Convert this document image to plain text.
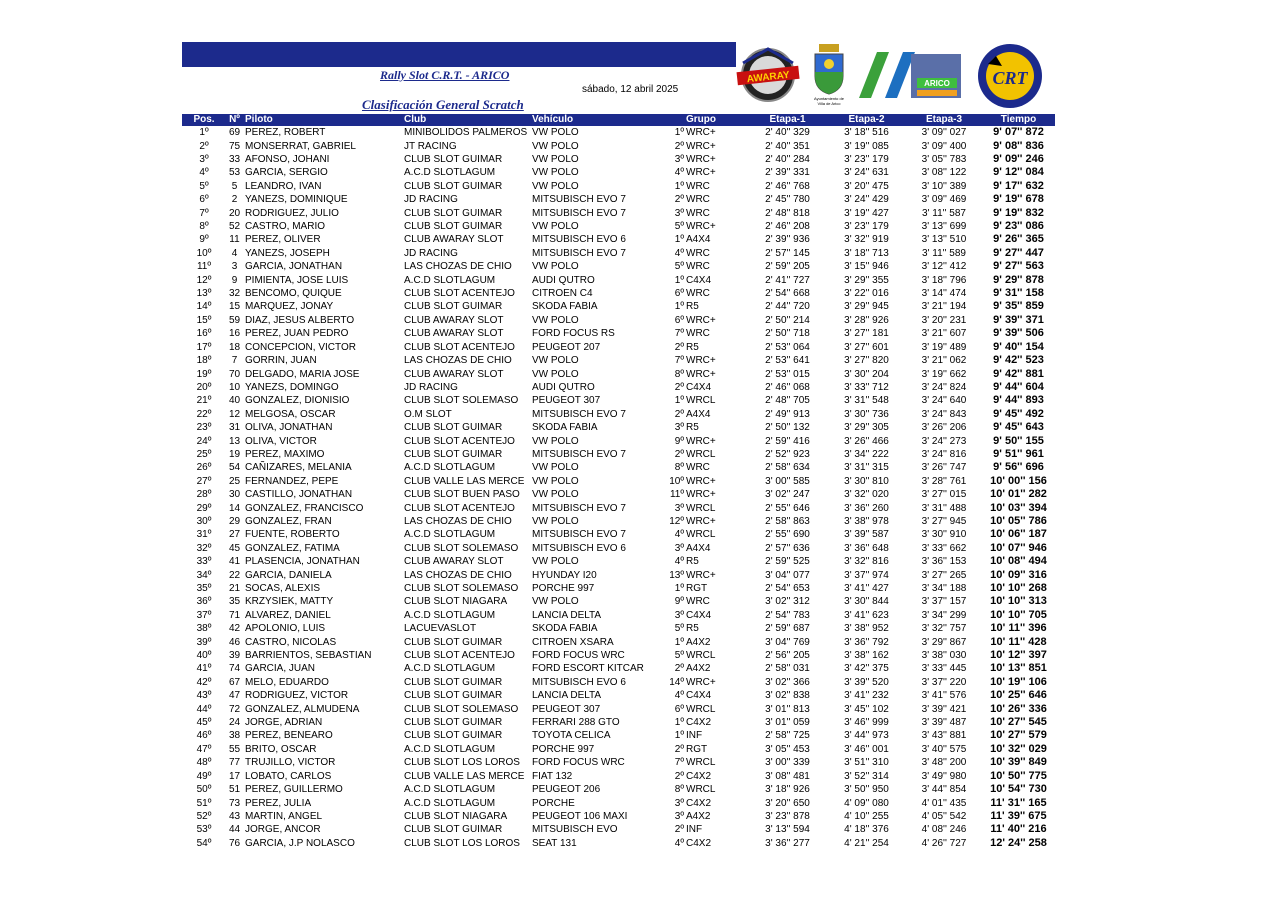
Rally Slot C.R.T. - ARICO
sábado, 12 abril 2025
Clasificación General Scratch
AWARAY
Ayuntamiento de
Villa de Arico
ARICO CRT
Pos.	Nº	Piloto	Club	Vehículo		Grupo	Etapa-1	Etapa-2	Etapa-3	Tiempo
1º	69	PEREZ, ROBERT	MINIBOLIDOS PALMEROS	VW POLO	1º	WRC+	2' 40'' 329	3' 18'' 516	3' 09'' 027	9' 07'' 872
2º	75	MONSERRAT, GABRIEL	JT RACING	VW POLO	2º	WRC+	2' 40'' 351	3' 19'' 085	3' 09'' 400	9' 08'' 836
3º	33	AFONSO, JOHANI	CLUB SLOT GUIMAR	VW POLO	3º	WRC+	2' 40'' 284	3' 23'' 179	3' 05'' 783	9' 09'' 246
4º	53	GARCIA, SERGIO	A.C.D SLOTLAGUM	VW POLO	4º	WRC+	2' 39'' 331	3' 24'' 631	3' 08'' 122	9' 12'' 084
5º	5	LEANDRO, IVAN	CLUB SLOT GUIMAR	VW POLO	1º	WRC	2' 46'' 768	3' 20'' 475	3' 10'' 389	9' 17'' 632
6º	2	YANEZS, DOMINIQUE	JD RACING	MITSUBISCH EVO 7	2º	WRC	2' 45'' 780	3' 24'' 429	3' 09'' 469	9' 19'' 678
7º	20	RODRIGUEZ, JULIO	CLUB SLOT GUIMAR	MITSUBISCH EVO 7	3º	WRC	2' 48'' 818	3' 19'' 427	3' 11'' 587	9' 19'' 832
8º	52	CASTRO, MARIO	CLUB SLOT GUIMAR	VW POLO	5º	WRC+	2' 46'' 208	3' 23'' 179	3' 13'' 699	9' 23'' 086
9º	11	PEREZ, OLIVER	CLUB AWARAY SLOT	MITSUBISCH EVO 6	1º	A4X4	2' 39'' 936	3' 32'' 919	3' 13'' 510	9' 26'' 365
10º	4	YANEZS, JOSEPH	JD RACING	MITSUBISCH EVO 7	4º	WRC	2' 57'' 145	3' 18'' 713	3' 11'' 589	9' 27'' 447
11º	3	GARCIA, JONATHAN	LAS CHOZAS DE CHIO	VW POLO	5º	WRC	2' 59'' 205	3' 15'' 946	3' 12'' 412	9' 27'' 563
12º	9	PIMIENTA, JOSE LUIS	A.C.D SLOTLAGUM	AUDI QUTRO	1º	C4X4	2' 41'' 727	3' 29'' 355	3' 18'' 796	9' 29'' 878
13º	32	BENCOMO, QUIQUE	CLUB SLOT ACENTEJO	CITROEN C4	6º	WRC	2' 54'' 668	3' 22'' 016	3' 14'' 474	9' 31'' 158
14º	15	MARQUEZ, JONAY	CLUB SLOT GUIMAR	SKODA FABIA	1º	R5	2' 44'' 720	3' 29'' 945	3' 21'' 194	9' 35'' 859
15º	59	DIAZ, JESUS ALBERTO	CLUB AWARAY SLOT	VW POLO	6º	WRC+	2' 50'' 214	3' 28'' 926	3' 20'' 231	9' 39'' 371
16º	16	PEREZ, JUAN PEDRO	CLUB AWARAY SLOT	FORD FOCUS RS	7º	WRC	2' 50'' 718	3' 27'' 181	3' 21'' 607	9' 39'' 506
17º	18	CONCEPCION, VICTOR	CLUB SLOT ACENTEJO	PEUGEOT 207	2º	R5	2' 53'' 064	3' 27'' 601	3' 19'' 489	9' 40'' 154
18º	7	GORRIN, JUAN	LAS CHOZAS DE CHIO	VW POLO	7º	WRC+	2' 53'' 641	3' 27'' 820	3' 21'' 062	9' 42'' 523
19º	70	DELGADO, MARIA JOSE	CLUB AWARAY SLOT	VW POLO	8º	WRC+	2' 53'' 015	3' 30'' 204	3' 19'' 662	9' 42'' 881
20º	10	YANEZS, DOMINGO	JD RACING	AUDI QUTRO	2º	C4X4	2' 46'' 068	3' 33'' 712	3' 24'' 824	9' 44'' 604
21º	40	GONZALEZ, DIONISIO	CLUB SLOT SOLEMASO	PEUGEOT 307	1º	WRCL	2' 48'' 705	3' 31'' 548	3' 24'' 640	9' 44'' 893
22º	12	MELGOSA, OSCAR	O.M SLOT	MITSUBISCH EVO 7	2º	A4X4	2' 49'' 913	3' 30'' 736	3' 24'' 843	9' 45'' 492
23º	31	OLIVA, JONATHAN	CLUB SLOT GUIMAR	SKODA FABIA	3º	R5	2' 50'' 132	3' 29'' 305	3' 26'' 206	9' 45'' 643
24º	13	OLIVA, VICTOR	CLUB SLOT ACENTEJO	VW POLO	9º	WRC+	2' 59'' 416	3' 26'' 466	3' 24'' 273	9' 50'' 155
25º	19	PEREZ, MAXIMO	CLUB SLOT GUIMAR	MITSUBISCH EVO 7	2º	WRCL	2' 52'' 923	3' 34'' 222	3' 24'' 816	9' 51'' 961
26º	54	CAÑIZARES, MELANIA	A.C.D SLOTLAGUM	VW POLO	8º	WRC	2' 58'' 634	3' 31'' 315	3' 26'' 747	9' 56'' 696
27º	25	FERNANDEZ, PEPE	CLUB VALLE LAS MERCE	VW POLO	10º	WRC+	3' 00'' 585	3' 30'' 810	3' 28'' 761	10' 00'' 156
28º	30	CASTILLO, JONATHAN	CLUB SLOT BUEN PASO	VW POLO	11º	WRC+	3' 02'' 247	3' 32'' 020	3' 27'' 015	10' 01'' 282
29º	14	GONZALEZ, FRANCISCO	CLUB SLOT ACENTEJO	MITSUBISCH EVO 7	3º	WRCL	2' 55'' 646	3' 36'' 260	3' 31'' 488	10' 03'' 394
30º	29	GONZALEZ, FRAN	LAS CHOZAS DE CHIO	VW POLO	12º	WRC+	2' 58'' 863	3' 38'' 978	3' 27'' 945	10' 05'' 786
31º	27	FUENTE, ROBERTO	A.C.D SLOTLAGUM	MITSUBISCH EVO 7	4º	WRCL	2' 55'' 690	3' 39'' 587	3' 30'' 910	10' 06'' 187
32º	45	GONZALEZ, FATIMA	CLUB SLOT SOLEMASO	MITSUBISCH EVO 6	3º	A4X4	2' 57'' 636	3' 36'' 648	3' 33'' 662	10' 07'' 946
33º	41	PLASENCIA, JONATHAN	CLUB AWARAY SLOT	VW POLO	4º	R5	2' 59'' 525	3' 32'' 816	3' 36'' 153	10' 08'' 494
34º	22	GARCIA, DANIELA	LAS CHOZAS DE CHIO	HYUNDAY I20	13º	WRC+	3' 04'' 077	3' 37'' 974	3' 27'' 265	10' 09'' 316
35º	21	SOCAS, ALEXIS	CLUB SLOT SOLEMASO	PORCHE 997	1º	RGT	2' 54'' 653	3' 41'' 427	3' 34'' 188	10' 10'' 268
36º	35	KRZYSIEK, MATTY	CLUB SLOT NIAGARA	VW POLO	9º	WRC	3' 02'' 312	3' 30'' 844	3' 37'' 157	10' 10'' 313
37º	71	ALVAREZ, DANIEL	A.C.D SLOTLAGUM	LANCIA DELTA	3º	C4X4	2' 54'' 783	3' 41'' 623	3' 34'' 299	10' 10'' 705
38º	42	APOLONIO, LUIS	LACUEVASLOT	SKODA FABIA	5º	R5	2' 59'' 687	3' 38'' 952	3' 32'' 757	10' 11'' 396
39º	46	CASTRO, NICOLAS	CLUB SLOT GUIMAR	CITROEN XSARA	1º	A4X2	3' 04'' 769	3' 36'' 792	3' 29'' 867	10' 11'' 428
40º	39	BARRIENTOS, SEBASTIAN	CLUB SLOT ACENTEJO	FORD FOCUS WRC	5º	WRCL	2' 56'' 205	3' 38'' 162	3' 38'' 030	10' 12'' 397
41º	74	GARCIA, JUAN	A.C.D SLOTLAGUM	FORD ESCORT KITCAR	2º	A4X2	2' 58'' 031	3' 42'' 375	3' 33'' 445	10' 13'' 851
42º	67	MELO, EDUARDO	CLUB SLOT GUIMAR	MITSUBISCH EVO 6	14º	WRC+	3' 02'' 366	3' 39'' 520	3' 37'' 220	10' 19'' 106
43º	47	RODRIGUEZ, VICTOR	CLUB SLOT GUIMAR	LANCIA DELTA	4º	C4X4	3' 02'' 838	3' 41'' 232	3' 41'' 576	10' 25'' 646
44º	72	GONZALEZ, ALMUDENA	CLUB SLOT SOLEMASO	PEUGEOT 307	6º	WRCL	3' 01'' 813	3' 45'' 102	3' 39'' 421	10' 26'' 336
45º	24	JORGE, ADRIAN	CLUB SLOT GUIMAR	FERRARI 288 GTO	1º	C4X2	3' 01'' 059	3' 46'' 999	3' 39'' 487	10' 27'' 545
46º	38	PEREZ, BENEARO	CLUB SLOT GUIMAR	TOYOTA CELICA	1º	INF	2' 58'' 725	3' 44'' 973	3' 43'' 881	10' 27'' 579
47º	55	BRITO, OSCAR	A.C.D SLOTLAGUM	PORCHE 997	2º	RGT	3' 05'' 453	3' 46'' 001	3' 40'' 575	10' 32'' 029
48º	77	TRUJILLO, VICTOR	CLUB SLOT LOS LOROS	FORD FOCUS WRC	7º	WRCL	3' 00'' 339	3' 51'' 310	3' 48'' 200	10' 39'' 849
49º	17	LOBATO, CARLOS	CLUB VALLE LAS MERCE	FIAT 132	2º	C4X2	3' 08'' 481	3' 52'' 314	3' 49'' 980	10' 50'' 775
50º	51	PEREZ, GUILLERMO	A.C.D SLOTLAGUM	PEUGEOT 206	8º	WRCL	3' 18'' 926	3' 50'' 950	3' 44'' 854	10' 54'' 730
51º	73	PEREZ, JULIA	A.C.D SLOTLAGUM	PORCHE	3º	C4X2	3' 20'' 650	4' 09'' 080	4' 01'' 435	11' 31'' 165
52º	43	MARTIN, ANGEL	CLUB SLOT NIAGARA	PEUGEOT 106 MAXI	3º	A4X2	3' 23'' 878	4' 10'' 255	4' 05'' 542	11' 39'' 675
53º	44	JORGE, ANCOR	CLUB SLOT GUIMAR	MITSUBISCH EVO	2º	INF	3' 13'' 594	4' 18'' 376	4' 08'' 246	11' 40'' 216
54º	76	GARCIA, J.P NOLASCO	CLUB SLOT LOS LOROS	SEAT 131	4º	C4X2	3' 36'' 277	4' 21'' 254	4' 26'' 727	12' 24'' 258
